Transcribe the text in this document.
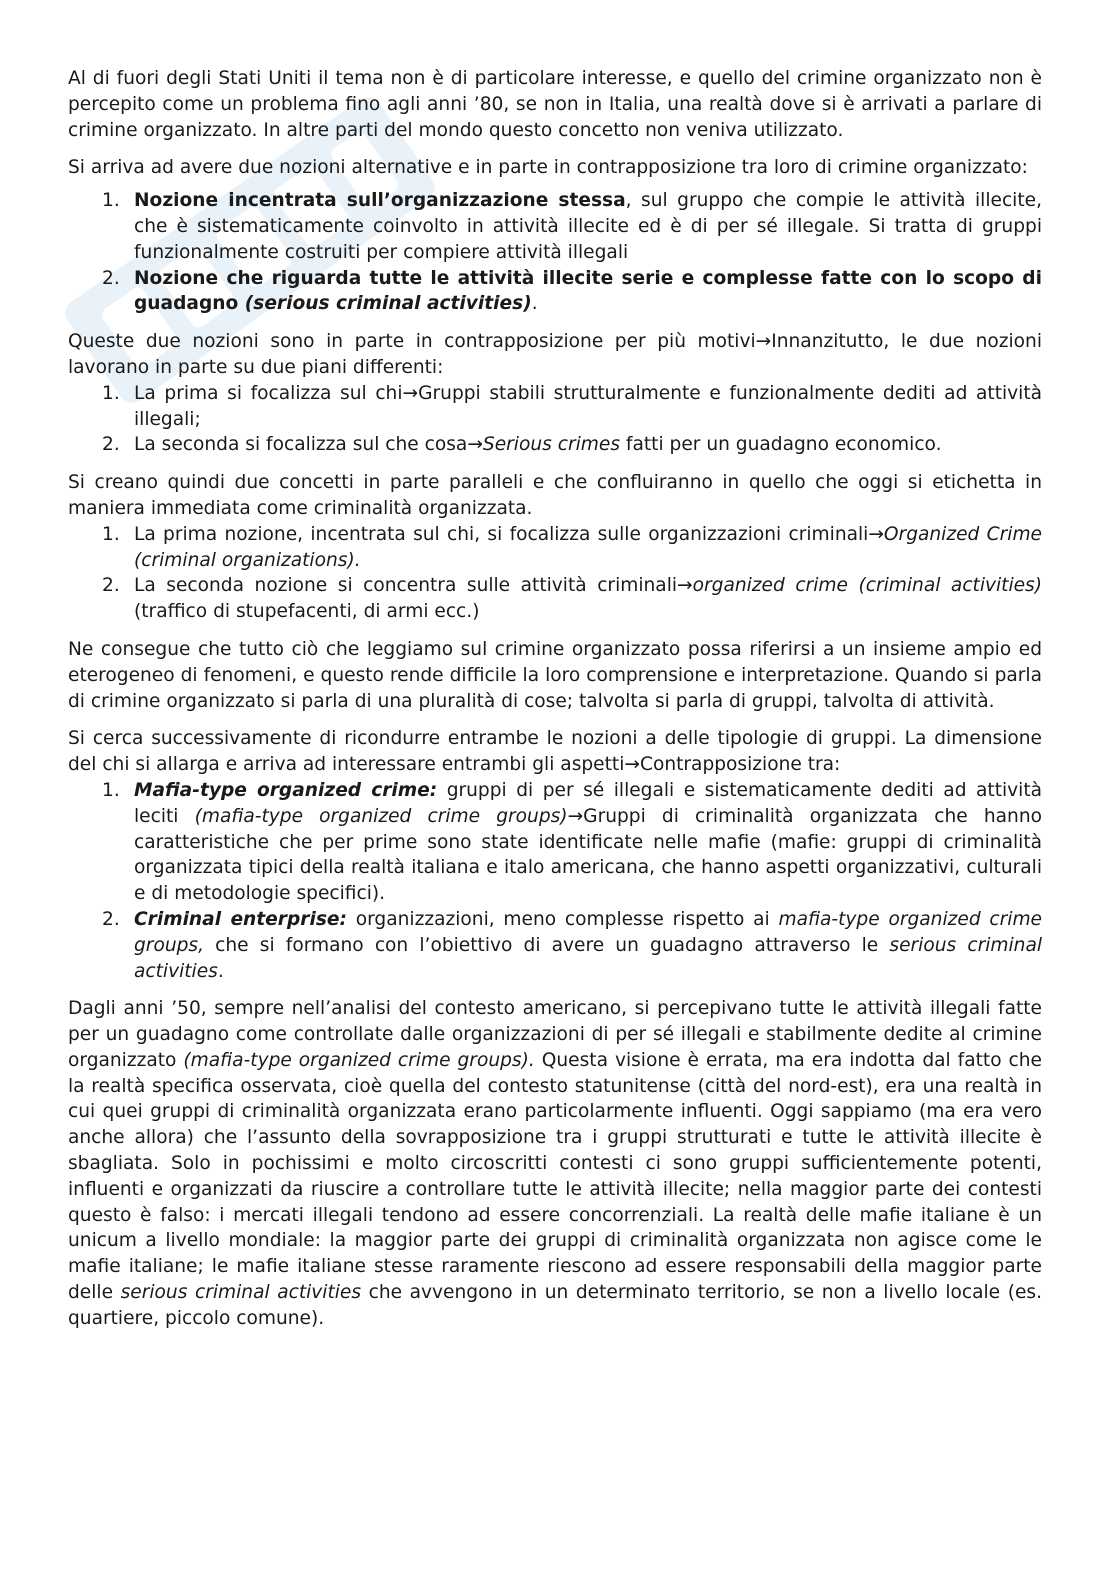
Al di fuori degli Stati Uniti il tema non è di particolare interesse, e quello del crimine organizzato non è percepito come un problema fino agli anni ’80, se non in Italia, una realtà dove si è arrivati a parlare di crimine organizzato. In altre parti del mondo questo concetto non veniva utilizzato.

Si arriva ad avere due nozioni alternative e in parte in contrapposizione tra loro di crimine organizzato:

1. Nozione incentrata sull’organizzazione stessa, sul gruppo che compie le attività illecite, che è sistematicamente coinvolto in attività illecite ed è di per sé illegale. Si tratta di gruppi funzionalmente costruiti per compiere attività illegali
2. Nozione che riguarda tutte le attività illecite serie e complesse fatte con lo scopo di guadagno (serious criminal activities).

Queste due nozioni sono in parte in contrapposizione per più motivi→Innanzitutto, le due nozioni lavorano in parte su due piani differenti:

1. La prima si focalizza sul chi→Gruppi stabili strutturalmente e funzionalmente dediti ad attività illegali;
2. La seconda si focalizza sul che cosa→Serious crimes fatti per un guadagno economico.

Si creano quindi due concetti in parte paralleli e che confluiranno in quello che oggi si etichetta in maniera immediata come criminalità organizzata.

1. La prima nozione, incentrata sul chi, si focalizza sulle organizzazioni criminali→Organized Crime (criminal organizations).
2. La seconda nozione si concentra sulle attività criminali→organized crime (criminal activities) (traffico di stupefacenti, di armi ecc.)

Ne consegue che tutto ciò che leggiamo sul crimine organizzato possa riferirsi a un insieme ampio ed eterogeneo di fenomeni, e questo rende difficile la loro comprensione e interpretazione. Quando si parla di crimine organizzato si parla di una pluralità di cose; talvolta si parla di gruppi, talvolta di attività.

Si cerca successivamente di ricondurre entrambe le nozioni a delle tipologie di gruppi. La dimensione del chi si allarga e arriva ad interessare entrambi gli aspetti→Contrapposizione tra:

1. Mafia-type organized crime: gruppi di per sé illegali e sistematicamente dediti ad attività leciti (mafia-type organized crime groups)→Gruppi di criminalità organizzata che hanno caratteristiche che per prime sono state identificate nelle mafie (mafie: gruppi di criminalità organizzata tipici della realtà italiana e italo americana, che hanno aspetti organizzativi, culturali e di metodologie specifici).
2. Criminal enterprise: organizzazioni, meno complesse rispetto ai mafia-type organized crime groups, che si formano con l’obiettivo di avere un guadagno attraverso le serious criminal activities.

Dagli anni ’50, sempre nell’analisi del contesto americano, si percepivano tutte le attività illegali fatte per un guadagno come controllate dalle organizzazioni di per sé illegali e stabilmente dedite al crimine organizzato (mafia-type organized crime groups). Questa visione è errata, ma era indotta dal fatto che la realtà specifica osservata, cioè quella del contesto statunitense (città del nord-est), era una realtà in cui quei gruppi di criminalità organizzata erano particolarmente influenti. Oggi sappiamo (ma era vero anche allora) che l’assunto della sovrapposizione tra i gruppi strutturati e tutte le attività illecite è sbagliata. Solo in pochissimi e molto circoscritti contesti ci sono gruppi sufficientemente potenti, influenti e organizzati da riuscire a controllare tutte le attività illecite; nella maggior parte dei contesti questo è falso: i mercati illegali tendono ad essere concorrenziali. La realtà delle mafie italiane è un unicum a livello mondiale: la maggior parte dei gruppi di criminalità organizzata non agisce come le mafie italiane; le mafie italiane stesse raramente riescono ad essere responsabili della maggior parte delle serious criminal activities che avvengono in un determinato territorio, se non a livello locale (es. quartiere, piccolo comune).
